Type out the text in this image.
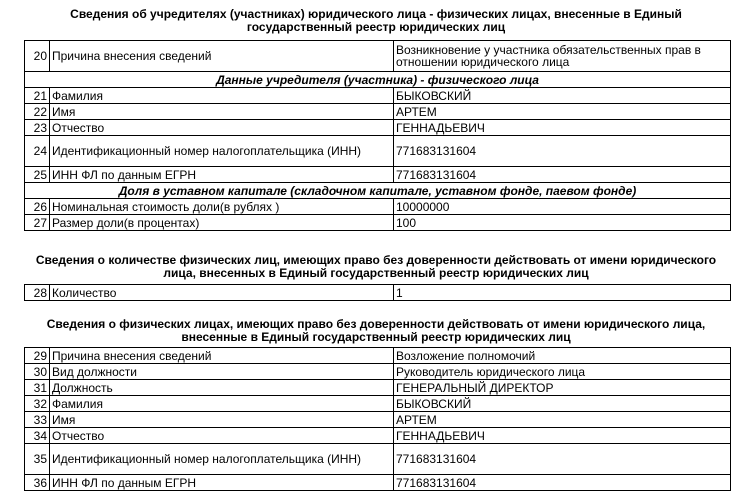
Сведения об учредителях (участниках) юридического лица - физических лицах, внесенные в Единый государственный реестр юридических лиц
20	Причина внесения сведений	Возникновение у участника обязательственных прав в отношении юридического лица
Данные учредителя (участника) - физического лица		
21	Фамилия	БЫКОВСКИЙ
22	Имя	АРТЕМ
23	Отчество	ГЕННАДЬЕВИЧ
24	Идентификационный номер налогоплательщика (ИНН)	771683131604
25	ИНН ФЛ по данным ЕГРН	771683131604
Доля в уставном капитале (складочном капитале, уставном фонде, паевом фонде)		
26	Номинальная стоимость доли(в рублях )	10000000
27	Размер доли(в процентах)	100
Сведения о количестве физических лиц, имеющих право без доверенности действовать от имени юридического лица, внесенных в Единый государственный реестр юридических лиц
28	Количество	1
Сведения о физических лицах, имеющих право без доверенности действовать от имени юридического лица, внесенные в Единый государственный реестр юридических лиц
29	Причина внесения сведений	Возложение полномочий
30	Вид должности	Руководитель юридического лица
31	Должность	ГЕНЕРАЛЬНЫЙ ДИРЕКТОР
32	Фамилия	БЫКОВСКИЙ
33	Имя	АРТЕМ
34	Отчество	ГЕННАДЬЕВИЧ
35	Идентификационный номер налогоплательщика (ИНН)	771683131604
36	ИНН ФЛ по данным ЕГРН	771683131604
